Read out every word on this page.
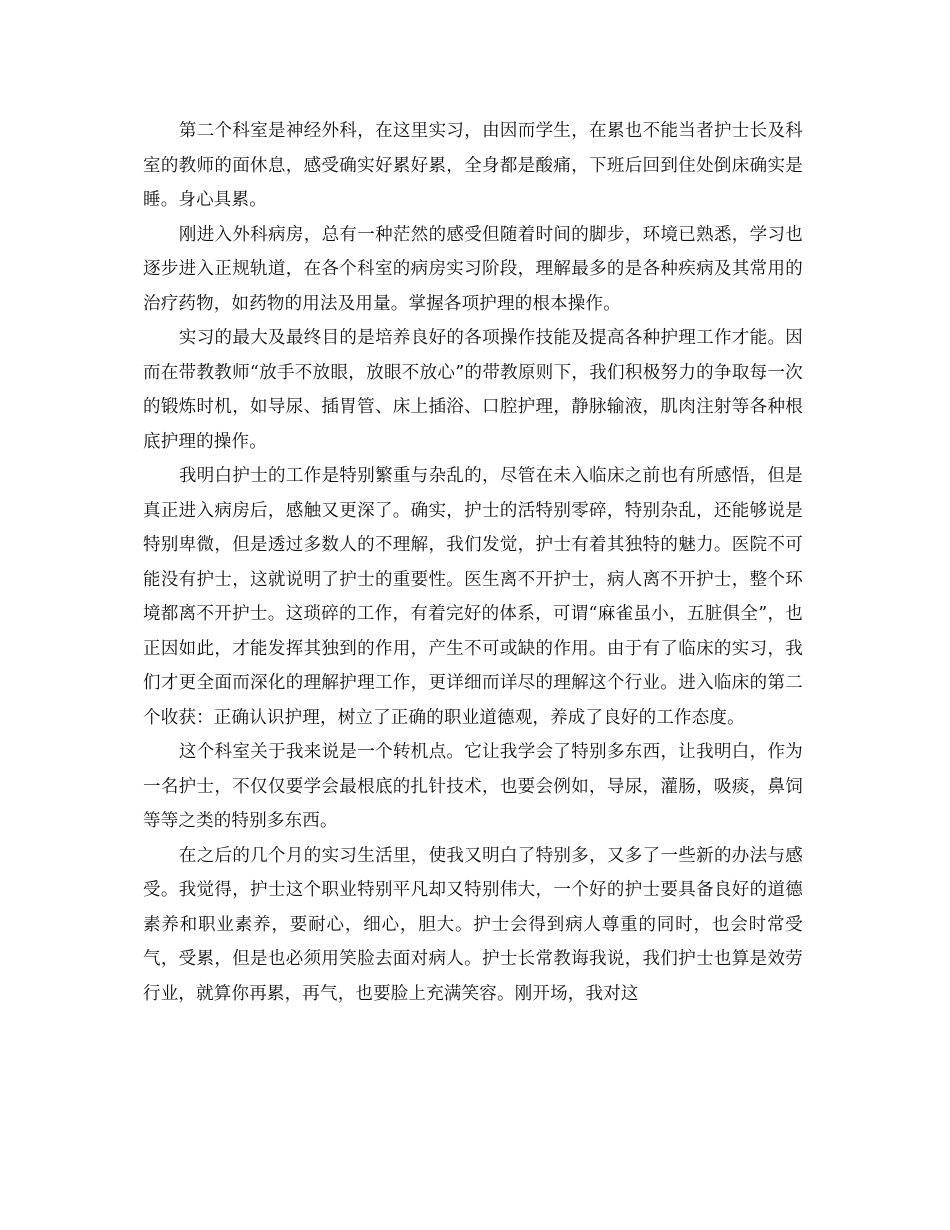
第二个科室是神经外科，在这里实习，由因而学生，在累也不能当者护士长及科室的教师的面休息，感受确实好累好累，全身都是酸痛，下班后回到住处倒床确实是睡。身心具累。

刚进入外科病房，总有一种茫然的感受但随着时间的脚步，环境已熟悉，学习也逐步进入正规轨道，在各个科室的病房实习阶段，理解最多的是各种疾病及其常用的治疗药物，如药物的用法及用量。掌握各项护理的根本操作。

实习的最大及最终目的是培养良好的各项操作技能及提高各种护理工作才能。因而在带教教师“放手不放眼，放眼不放心”的带教原则下，我们积极努力的争取每一次的锻炼时机，如导尿、插胃管、床上插浴、口腔护理，静脉输液，肌肉注射等各种根底护理的操作。

我明白护士的工作是特别繁重与杂乱的，尽管在未入临床之前也有所感悟，但是真正进入病房后，感触又更深了。确实，护士的活特别零碎，特别杂乱，还能够说是特别卑微，但是透过多数人的不理解，我们发觉，护士有着其独特的魅力。医院不可能没有护士，这就说明了护士的重要性。医生离不开护士，病人离不开护士，整个环境都离不开护士。这琐碎的工作，有着完好的体系，可谓“麻雀虽小，五脏俱全”，也正因如此，才能发挥其独到的作用，产生不可或缺的作用。由于有了临床的实习，我们才更全面而深化的理解护理工作，更详细而详尽的理解这个行业。进入临床的第二个收获：正确认识护理，树立了正确的职业道德观，养成了良好的工作态度。

这个科室关于我来说是一个转机点。它让我学会了特别多东西，让我明白，作为一名护士，不仅仅要学会最根底的扎针技术，也要会例如，导尿，灌肠，吸痰，鼻饲等等之类的特别多东西。

在之后的几个月的实习生活里，使我又明白了特别多，又多了一些新的办法与感受。我觉得，护士这个职业特别平凡却又特别伟大，一个好的护士要具备良好的道德素养和职业素养，要耐心，细心，胆大。护士会得到病人尊重的同时，也会时常受气，受累，但是也必须用笑脸去面对病人。护士长常教诲我说，我们护士也算是效劳行业，就算你再累，再气，也要脸上充满笑容。刚开场，我对这
